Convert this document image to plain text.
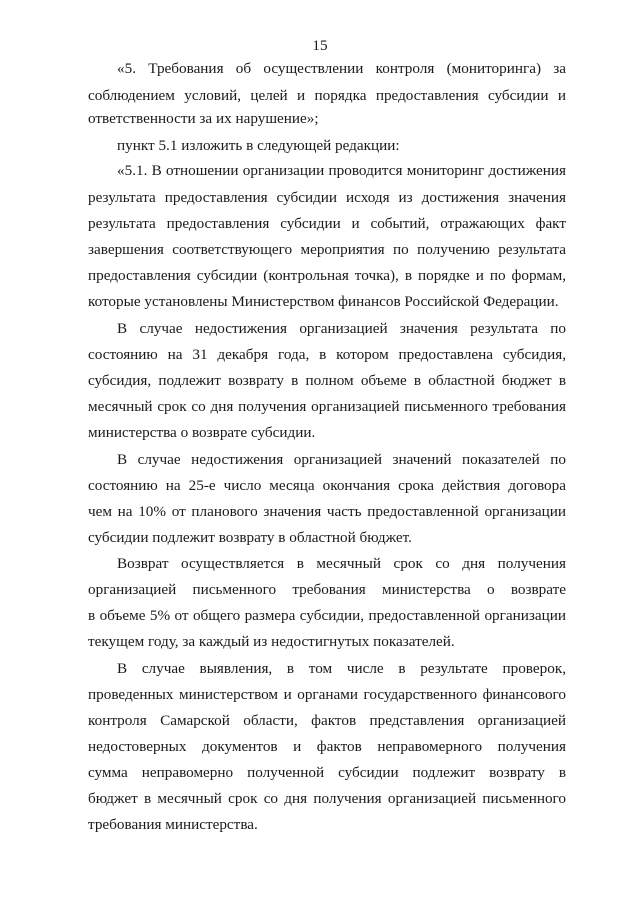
15
«5. Требования об осуществлении контроля (мониторинга) за
соблюдением условий, целей и порядка предоставления субсидии и
ответственности за их нарушение»;
пункт 5.1 изложить в следующей редакции:
«5.1. В отношении организации проводится мониторинг достижения
результата предоставления субсидии исходя из достижения значения
результата предоставления субсидии и событий, отражающих факт
завершения соответствующего мероприятия по получению результата
предоставления субсидии (контрольная точка), в порядке и по формам,
которые установлены Министерством финансов Российской Федерации.
В случае недостижения организацией значения результата по
состоянию на 31 декабря года, в котором предоставлена субсидия,
субсидия, подлежит возврату в полном объеме в областной бюджет в
месячный срок со дня получения организацией письменного требования
министерства о возврате субсидии.
В случае недостижения организацией значений показателей по
состоянию на 25-е число месяца окончания срока действия договора
чем на 10% от планового значения часть предоставленной организации
субсидии подлежит возврату в областной бюджет.
Возврат осуществляется в месячный срок со дня получения
организацией письменного требования министерства о возврате
в объеме 5% от общего размера субсидии, предоставленной организации
текущем году, за каждый из недостигнутых показателей.
В случае выявления, в том числе в результате проверок,
проведенных министерством и органами государственного финансового
контроля Самарской области, фактов представления организацией
недостоверных документов и фактов неправомерного получения
сумма неправомерно полученной субсидии подлежит возврату в
бюджет в месячный срок со дня получения организацией письменного
требования министерства.
